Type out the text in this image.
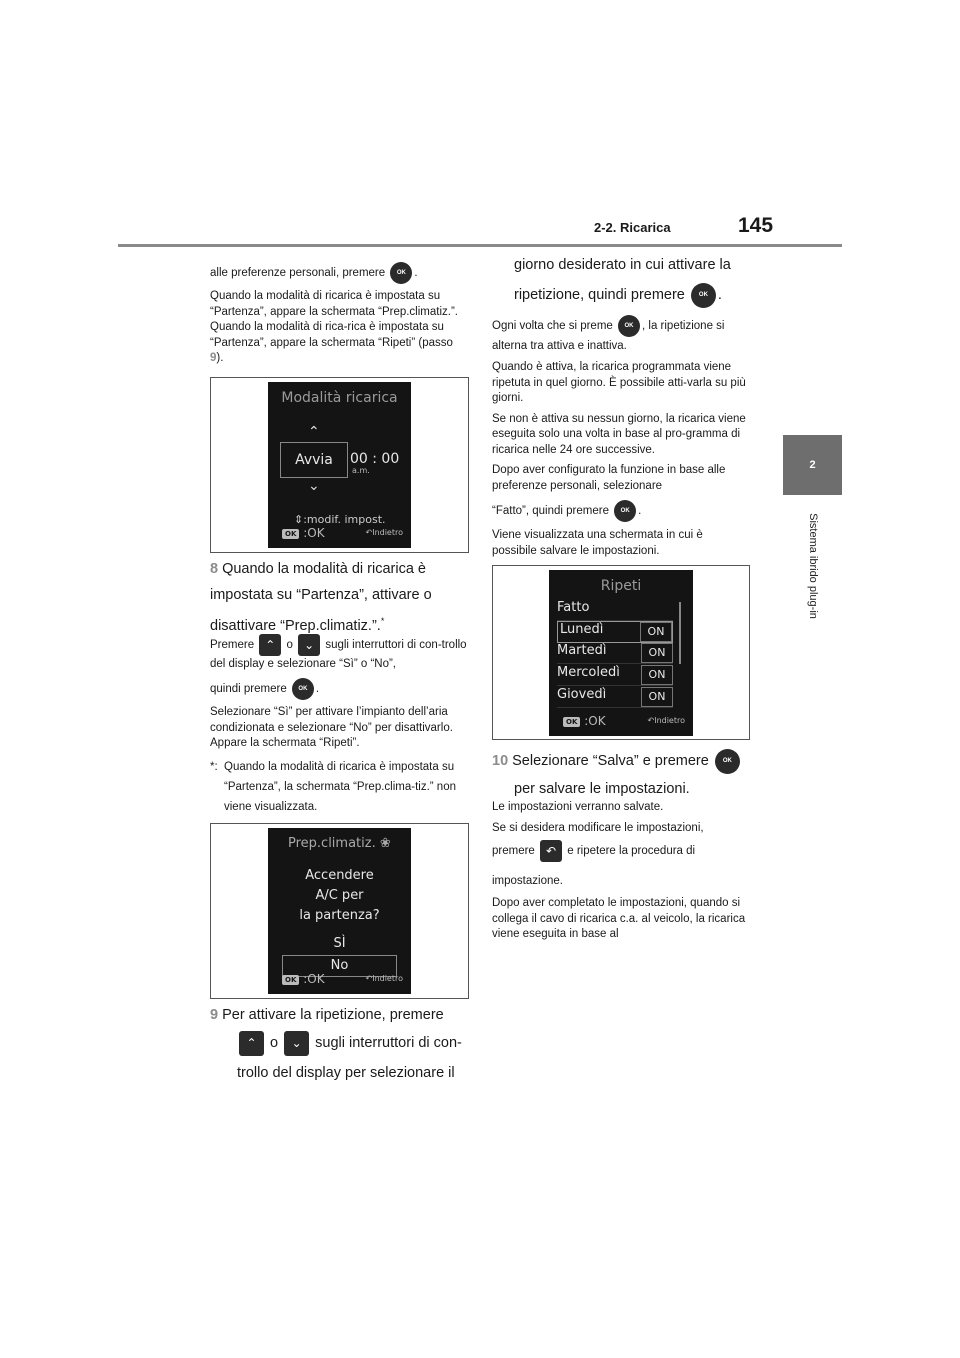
2-2. Ricarica	145
2
Sistema ibrido plug-in

alle preferenze personali, premere OK .

Quando la modalità di ricarica è impostata su “Partenza”, appare la schermata “Prep.climatiz.”. Quando la modalità di rica-rica è impostata su “Partenza”, appare la schermata “Ripeti” (passo 9).

Modalità ricarica
⌃
Avvia	00 : 00
a.m.
⌄
⇕:modif. impost.
OK :OK	↶Indietro
8 Quando la modalità di ricarica è impostata su “Partenza”, attivare o disattivare “Prep.climatiz.”.*

Premere ⌃ o ⌄ sugli interruttori di con-trollo del display e selezionare “Sì” o “No”,

quindi premere OK .

Selezionare “Sì” per attivare l’impianto dell’aria condizionata e selezionare “No” per disattivarlo. Appare la schermata “Ripeti”.

*: Quando la modalità di ricarica è impostata su “Partenza”, la schermata “Prep.clima-tiz.” non viene visualizzata.
Prep.climatiz. ❀
Accendere
A/C per
la partenza?
SÌ
No
OK :OK	↶Indietro
9 Per attivare la ripetizione, premere
⌃ o ⌄ sugli interruttori di con-trollo del display per selezionare il
giorno desiderato in cui attivare la
ripetizione, quindi premere OK .

Ogni volta che si preme OK , la ripetizione si alterna tra attiva e inattiva.

Quando è attiva, la ricarica programmata viene ripetuta in quel giorno. È possibile atti-varla su più giorni.

Se non è attiva su nessun giorno, la ricarica viene eseguita solo una volta in base al pro-gramma di ricarica nelle 24 ore successive.

Dopo aver configurato la funzione in base alle preferenze personali, selezionare

“Fatto”, quindi premere OK .

Viene visualizzata una schermata in cui è possibile salvare le impostazioni.

Ripeti
Fatto
Lunedì	ON
Martedì	ON
Mercoledì	ON
Giovedì	ON
OK :OK	↶Indietro
10 Selezionare “Salva” e premere OK
per salvare le impostazioni.

Le impostazioni verranno salvate.

Se si desidera modificare le impostazioni,

premere ↶ e ripetere la procedura di impostazione.

Dopo aver completato le impostazioni, quando si collega il cavo di ricarica c.a. al veicolo, la ricarica viene eseguita in base al
